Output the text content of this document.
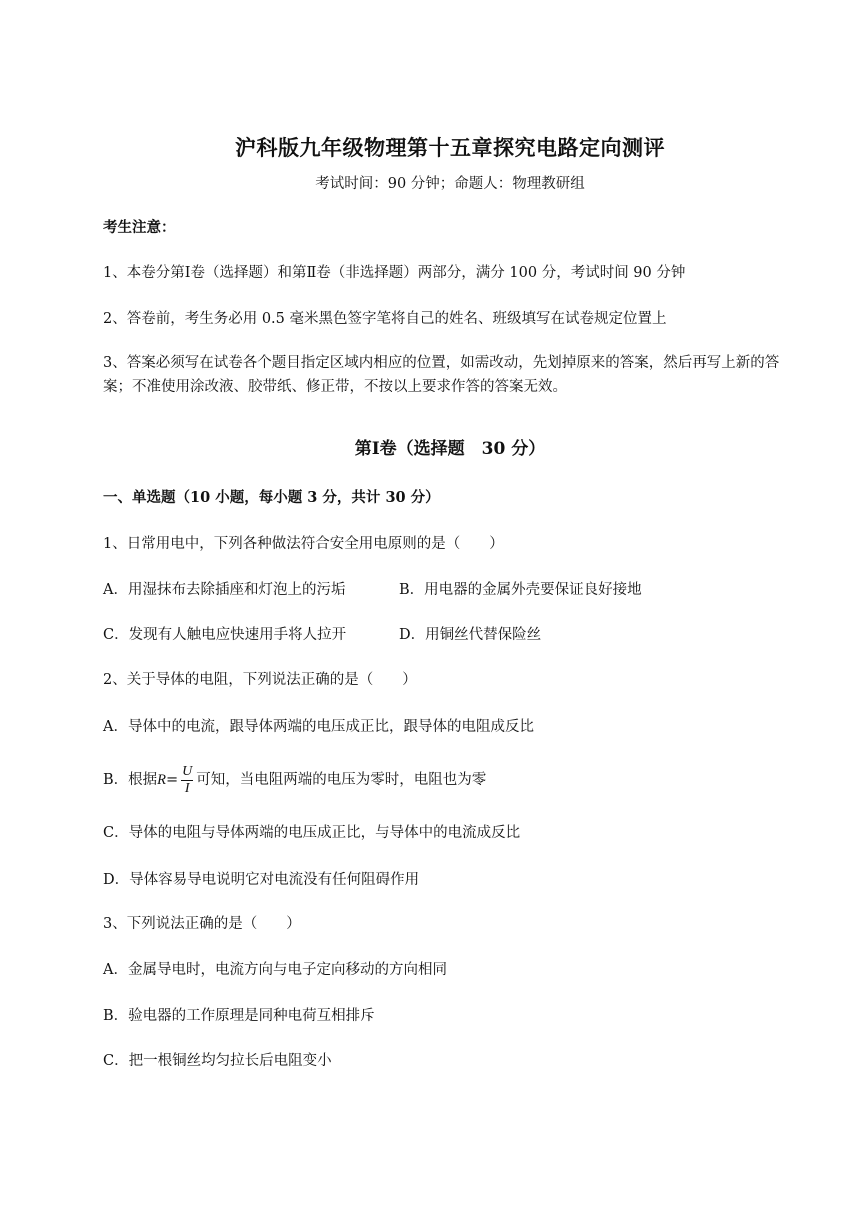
沪科版九年级物理第十五章探究电路定向测评
考试时间：90 分钟；命题人：物理教研组
考生注意：
1、本卷分第Ⅰ卷（选择题）和第Ⅱ卷（非选择题）两部分，满分 100 分，考试时间 90 分钟
2、答卷前，考生务必用 0.5 毫米黑色签字笔将自己的姓名、班级填写在试卷规定位置上
3、答案必须写在试卷各个题目指定区域内相应的位置，如需改动，先划掉原来的答案，然后再写上新的答案；不准使用涂改液、胶带纸、修正带，不按以上要求作答的答案无效。
第Ⅰ卷（选择题　30 分）
一、单选题（10 小题，每小题 3 分，共计 30 分）
1、日常用电中，下列各种做法符合安全用电原则的是（　　）
A．用湿抹布去除插座和灯泡上的污垢	B．用电器的金属外壳要保证良好接地
C．发现有人触电应快速用手将人拉开	D．用铜丝代替保险丝
2、关于导体的电阻，下列说法正确的是（　　）
A．导体中的电流，跟导体两端的电压成正比，跟导体的电阻成反比
B．根据$R= \frac{U}{I}$ 可知，当电阻两端的电压为零时，电阻也为零
C．导体的电阻与导体两端的电压成正比，与导体中的电流成反比
D．导体容易导电说明它对电流没有任何阻碍作用
3、下列说法正确的是（　　）
A．金属导电时，电流方向与电子定向移动的方向相同
B．验电器的工作原理是同种电荷互相排斥
C．把一根铜丝均匀拉长后电阻变小
